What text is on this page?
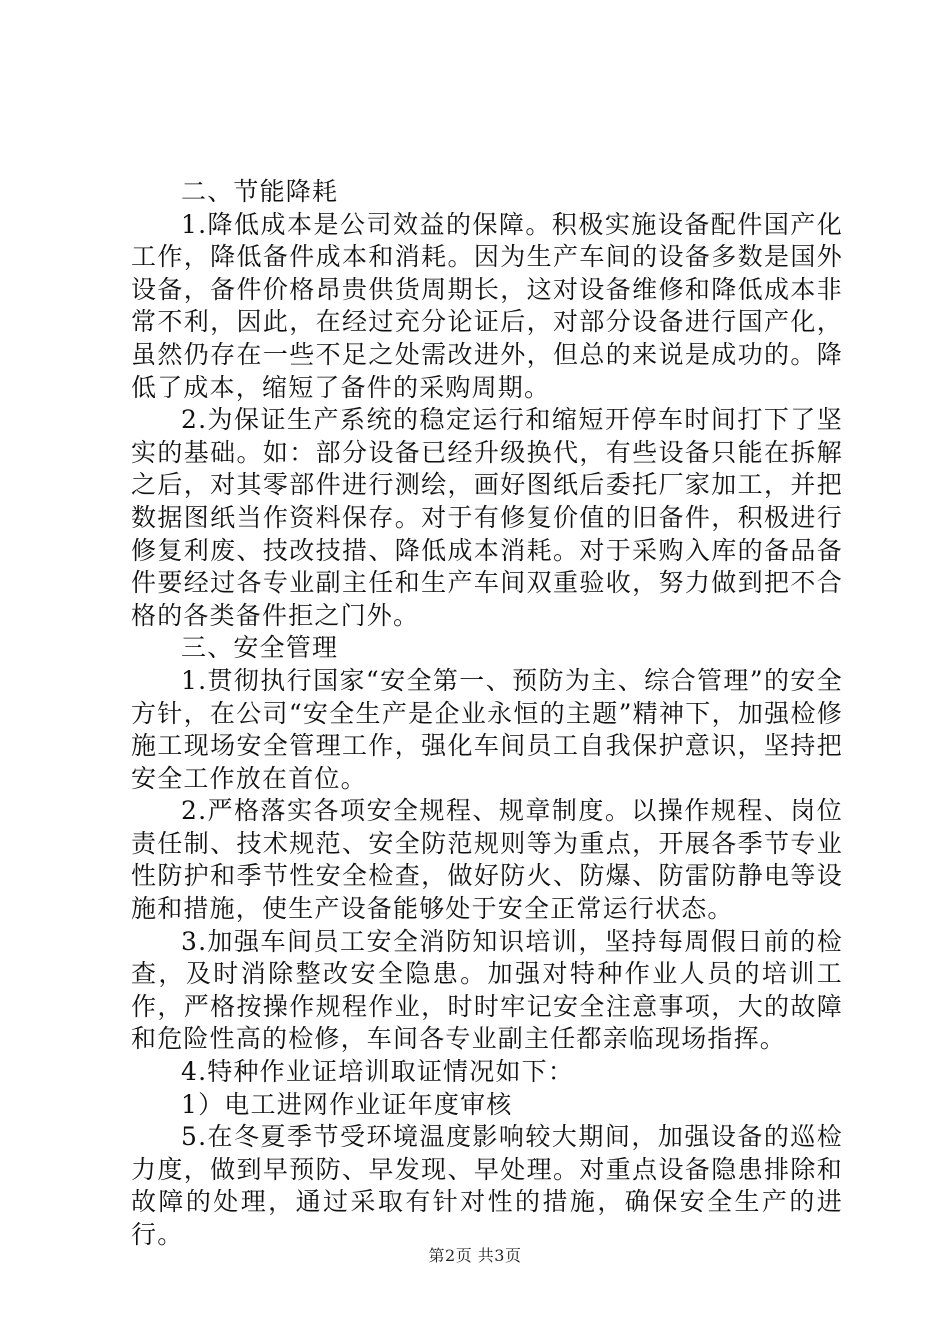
二、节能降耗

1.降低成本是公司效益的保障。积极实施设备配件国产化工作，降低备件成本和消耗。因为生产车间的设备多数是国外设备，备件价格昂贵供货周期长，这对设备维修和降低成本非常不利，因此，在经过充分论证后，对部分设备进行国产化，虽然仍存在一些不足之处需改进外，但总的来说是成功的。降低了成本，缩短了备件的采购周期。

2.为保证生产系统的稳定运行和缩短开停车时间打下了坚实的基础。如：部分设备已经升级换代，有些设备只能在拆解之后，对其零部件进行测绘，画好图纸后委托厂家加工，并把数据图纸当作资料保存。对于有修复价值的旧备件，积极进行修复利废、技改技措、降低成本消耗。对于采购入库的备品备件要经过各专业副主任和生产车间双重验收，努力做到把不合格的各类备件拒之门外。

三、安全管理

1.贯彻执行国家“安全第一、预防为主、综合管理”的安全方针，在公司“安全生产是企业永恒的主题”精神下，加强检修施工现场安全管理工作，强化车间员工自我保护意识，坚持把安全工作放在首位。

2.严格落实各项安全规程、规章制度。以操作规程、岗位责任制、技术规范、安全防范规则等为重点，开展各季节专业性防护和季节性安全检查，做好防火、防爆、防雷防静电等设施和措施，使生产设备能够处于安全正常运行状态。

3.加强车间员工安全消防知识培训，坚持每周假日前的检查，及时消除整改安全隐患。加强对特种作业人员的培训工作，严格按操作规程作业，时时牢记安全注意事项，大的故障和危险性高的检修，车间各专业副主任都亲临现场指挥。

4.特种作业证培训取证情况如下：

1）电工进网作业证年度审核

5.在冬夏季节受环境温度影响较大期间，加强设备的巡检力度，做到早预防、早发现、早处理。对重点设备隐患排除和故障的处理，通过采取有针对性的措施，确保安全生产的进行。

第2页 共3页
